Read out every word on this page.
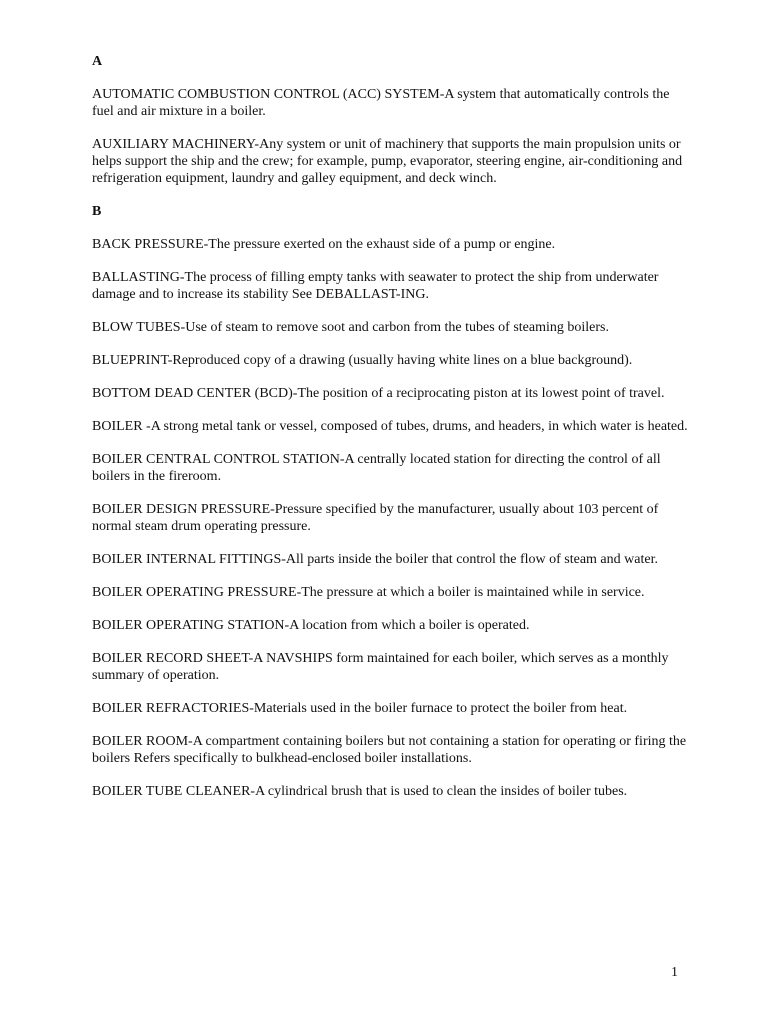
A
AUTOMATIC COMBUSTION CONTROL (ACC) SYSTEM-A system that automatically controls the fuel and air mixture in a boiler.
AUXILIARY MACHINERY-Any system or unit of machinery that supports the main propulsion units or helps support the ship and the crew; for example, pump, evaporator, steering engine, air-conditioning and refrigeration equipment, laundry and galley equipment, and deck winch.
B
BACK PRESSURE-The pressure exerted on the exhaust side of a pump or engine.
BALLASTING-The process of filling empty tanks with seawater to protect the ship from underwater damage and to increase its stability See DEBALLAST-ING.
BLOW TUBES-Use of steam to remove soot and carbon from the tubes of steaming boilers.
BLUEPRINT-Reproduced copy of a drawing (usually having white lines on a blue background).
BOTTOM DEAD CENTER (BCD)-The position of a reciprocating piston at its lowest point of travel.
BOILER -A strong metal tank or vessel, composed of tubes, drums, and headers, in which water is heated.
BOILER CENTRAL CONTROL STATION-A centrally located station for directing the control of all boilers in the fireroom.
BOILER DESIGN PRESSURE-Pressure specified by the manufacturer, usually about 103 percent of normal steam drum operating pressure.
BOILER INTERNAL FITTINGS-All parts inside the boiler that control the flow of steam and water.
BOILER OPERATING PRESSURE-The pressure at which a boiler is maintained while in service.
BOILER OPERATING STATION-A location from which a boiler is operated.
BOILER RECORD SHEET-A NAVSHIPS form maintained for each boiler, which serves as a monthly summary of operation.
BOILER REFRACTORIES-Materials used in the boiler furnace to protect the boiler from heat.
BOILER ROOM-A compartment containing boilers but not containing a station for operating or firing the boilers Refers specifically to bulkhead-enclosed boiler installations.
BOILER TUBE CLEANER-A cylindrical brush that is used to clean the insides of boiler tubes.
1
